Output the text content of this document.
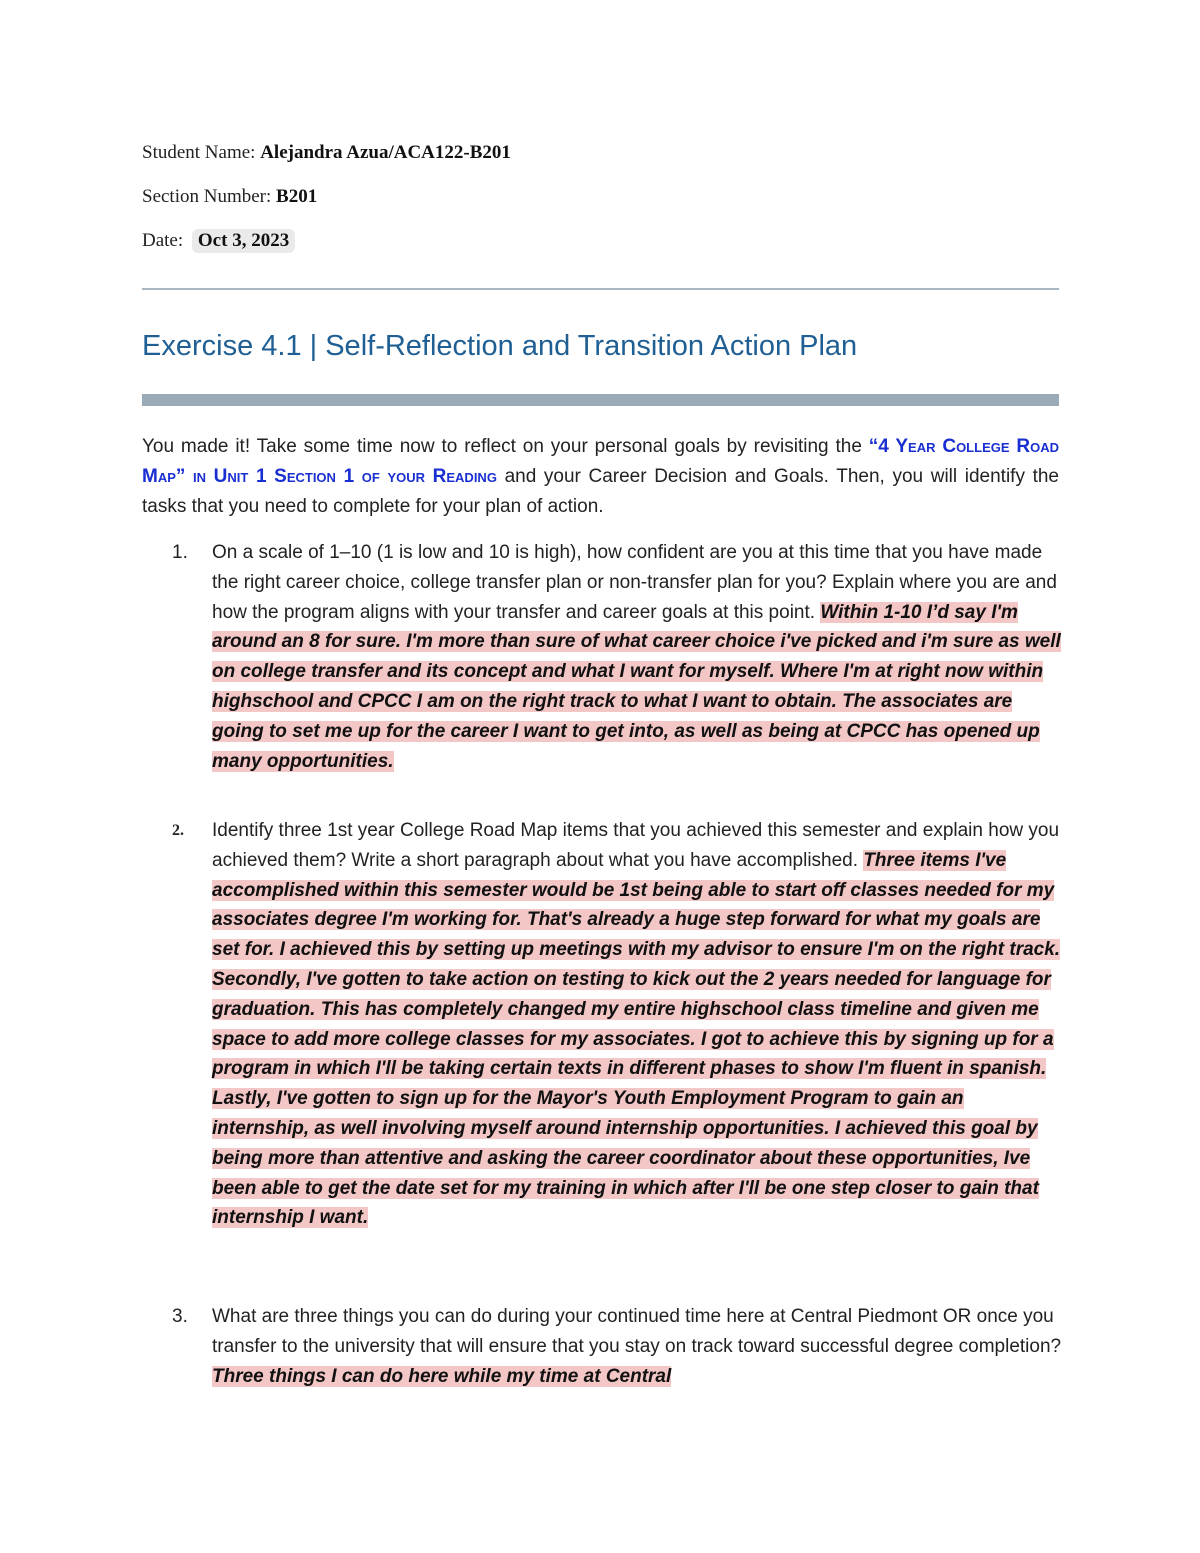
Student Name: Alejandra Azua/ACA122-B201
Section Number: B201
Date: Oct 3, 2023
Exercise 4.1 | Self-Reflection and Transition Action Plan

You made it! Take some time now to reflect on your personal goals by revisiting the “4 Year College Road Map” in Unit 1 Section 1 of your Reading and your Career Decision and Goals. Then, you will identify the tasks that you need to complete for your plan of action.

1. On a scale of 1–10 (1 is low and 10 is high), how confident are you at this time that you have made the right career choice, college transfer plan or non-transfer plan for you? Explain where you are and how the program aligns with your transfer and career goals at this point. Within 1-10 I’d say I'm around an 8 for sure. I'm more than sure of what career choice i've picked and i'm sure as well on college transfer and its concept and what I want for myself. Where I'm at right now within highschool and CPCC I am on the right track to what I want to obtain. The associates are going to set me up for the career I want to get into, as well as being at CPCC has opened up many opportunities.

2. Identify three 1st year College Road Map items that you achieved this semester and explain how you achieved them? Write a short paragraph about what you have accomplished. Three items I've accomplished within this semester would be 1st being able to start off classes needed for my associates degree I'm working for. That's already a huge step forward for what my goals are set for. I achieved this by setting up meetings with my advisor to ensure I'm on the right track. Secondly, I've gotten to take action on testing to kick out the 2 years needed for language for graduation. This has completely changed my entire highschool class timeline and given me space to add more college classes for my associates. I got to achieve this by signing up for a program in which I'll be taking certain texts in different phases to show I'm fluent in spanish. Lastly, I've gotten to sign up for the Mayor's Youth Employment Program to gain an internship, as well involving myself around internship opportunities. I achieved this goal by being more than attentive and asking the career coordinator about these opportunities, Ive been able to get the date set for my training in which after I'll be one step closer to gain that internship I want.

3. What are three things you can do during your continued time here at Central Piedmont OR once you transfer to the university that will ensure that you stay on track toward successful degree completion? Three things I can do here while my time at Central
